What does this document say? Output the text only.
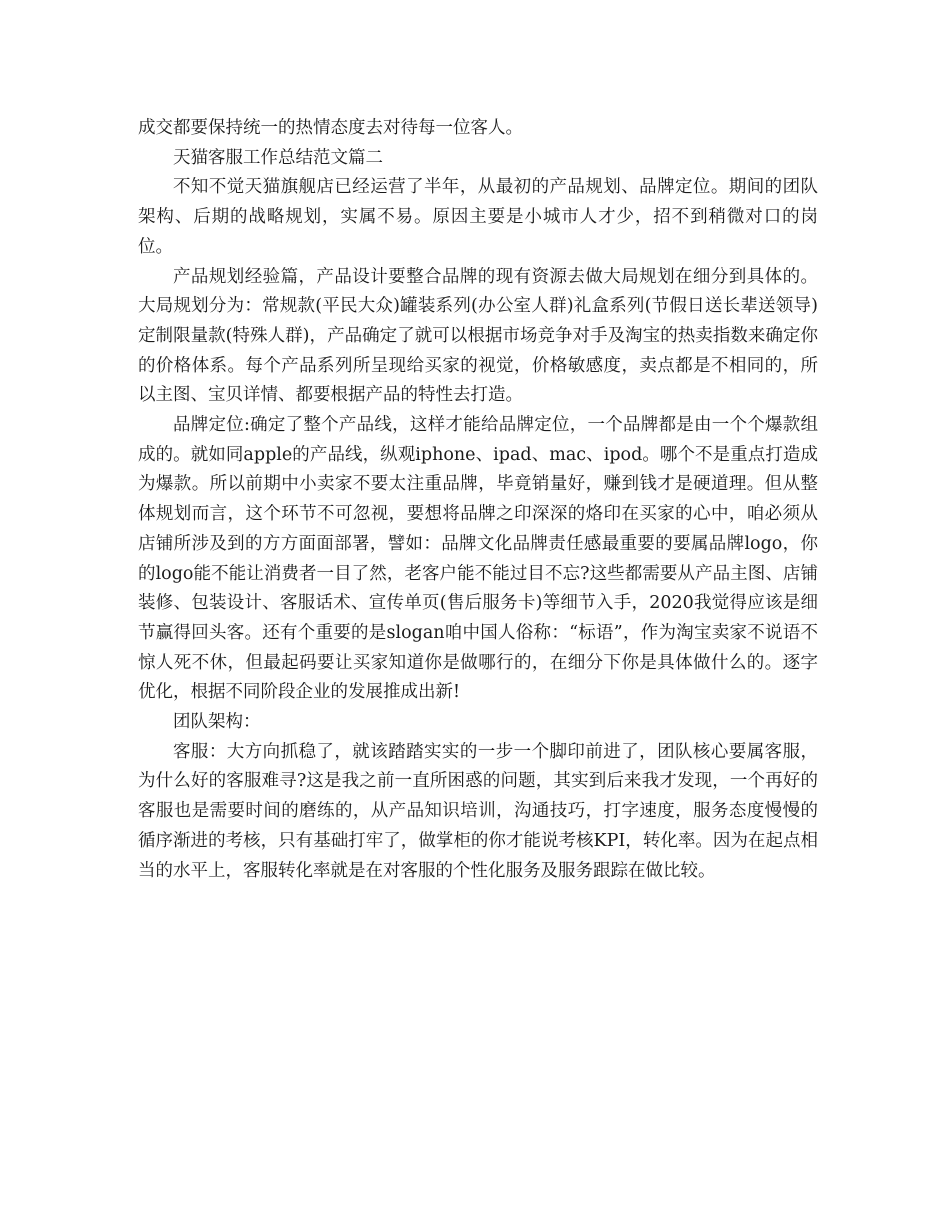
成交都要保持统一的热情态度去对待每一位客人。

天猫客服工作总结范文篇二

不知不觉天猫旗舰店已经运营了半年，从最初的产品规划、品牌定位。期间的团队架构、后期的战略规划，实属不易。原因主要是小城市人才少，招不到稍微对口的岗位。

产品规划经验篇，产品设计要整合品牌的现有资源去做大局规划在细分到具体的。大局规划分为：常规款(平民大众)罐装系列(办公室人群)礼盒系列(节假日送长辈送领导)定制限量款(特殊人群)，产品确定了就可以根据市场竞争对手及淘宝的热卖指数来确定你的价格体系。每个产品系列所呈现给买家的视觉，价格敏感度，卖点都是不相同的，所以主图、宝贝详情、都要根据产品的特性去打造。

品牌定位:确定了整个产品线，这样才能给品牌定位，一个品牌都是由一个个爆款组成的。就如同apple的产品线，纵观iphone、ipad、mac、ipod。哪个不是重点打造成为爆款。所以前期中小卖家不要太注重品牌，毕竟销量好，赚到钱才是硬道理。但从整体规划而言，这个环节不可忽视，要想将品牌之印深深的烙印在买家的心中，咱必须从店铺所涉及到的方方面面部署，譬如：品牌文化品牌责任感最重要的要属品牌logo，你的logo能不能让消费者一目了然，老客户能不能过目不忘?这些都需要从产品主图、店铺装修、包装设计、客服话术、宣传单页(售后服务卡)等细节入手，2020我觉得应该是细节赢得回头客。还有个重要的是slogan咱中国人俗称：“标语”，作为淘宝卖家不说语不惊人死不休，但最起码要让买家知道你是做哪行的，在细分下你是具体做什么的。逐字优化，根据不同阶段企业的发展推成出新!

团队架构：

客服：大方向抓稳了，就该踏踏实实的一步一个脚印前进了，团队核心要属客服，为什么好的客服难寻?这是我之前一直所困惑的问题，其实到后来我才发现，一个再好的客服也是需要时间的磨练的，从产品知识培训，沟通技巧，打字速度，服务态度慢慢的循序渐进的考核，只有基础打牢了，做掌柜的你才能说考核KPI，转化率。因为在起点相当的水平上，客服转化率就是在对客服的个性化服务及服务跟踪在做比较。
